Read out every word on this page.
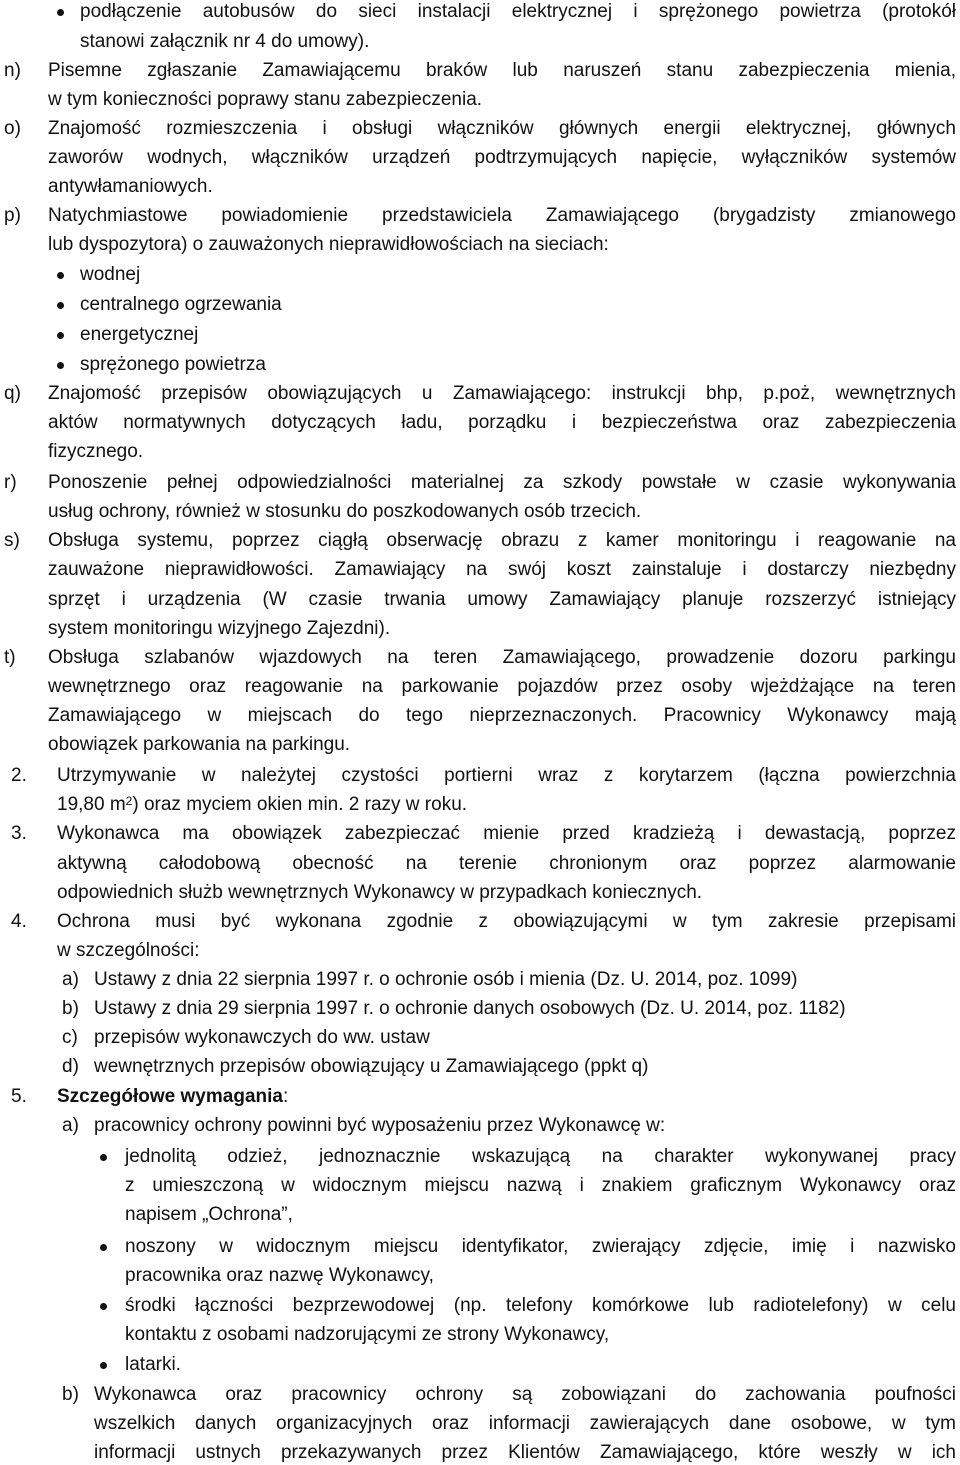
podłączenie autobusów do sieci instalacji elektrycznej i sprężonego powietrza (protokół
stanowi załącznik nr 4 do umowy).
n) Pisemne zgłaszanie Zamawiającemu braków lub naruszeń stanu zabezpieczenia mienia,
w tym konieczności poprawy stanu zabezpieczenia.
o) Znajomość rozmieszczenia i obsługi włączników głównych energii elektrycznej, głównych
zaworów wodnych, włączników urządzeń podtrzymujących napięcie, wyłączników systemów
antywłamaniowych.
p) Natychmiastowe powiadomienie przedstawiciela Zamawiającego (brygadzisty zmianowego
lub dyspozytora) o zauważonych nieprawidłowościach na sieciach:
wodnej
centralnego ogrzewania
energetycznej
sprężonego powietrza
q) Znajomość przepisów obowiązujących u Zamawiającego: instrukcji bhp, p.poż, wewnętrznych
aktów normatywnych dotyczących ładu, porządku i bezpieczeństwa oraz zabezpieczenia
fizycznego.
r) Ponoszenie pełnej odpowiedzialności materialnej za szkody powstałe w czasie wykonywania
usług ochrony, również w stosunku do poszkodowanych osób trzecich.
s) Obsługa systemu, poprzez ciągłą obserwację obrazu z kamer monitoringu i reagowanie na
zauważone nieprawidłowości. Zamawiający na swój koszt zainstaluje i dostarczy niezbędny
sprzęt i urządzenia (W czasie trwania umowy Zamawiający planuje rozszerzyć istniejący
system monitoringu wizyjnego Zajezdni).
t) Obsługa szlabanów wjazdowych na teren Zamawiającego, prowadzenie dozoru parkingu
wewnętrznego oraz reagowanie na parkowanie pojazdów przez osoby wjeżdżające na teren
Zamawiającego w miejscach do tego nieprzeznaczonych. Pracownicy Wykonawcy mają
obowiązek parkowania na parkingu.
2. Utrzymywanie w należytej czystości portierni wraz z korytarzem (łączna powierzchnia
19,80 $m^2$) oraz myciem okien min. 2 razy w roku.
3. Wykonawca ma obowiązek zabezpieczać mienie przed kradzieżą i dewastacją, poprzez
aktywną całodobową obecność na terenie chronionym oraz poprzez alarmowanie
odpowiednich służb wewnętrznych Wykonawcy w przypadkach koniecznych.
4. Ochrona musi być wykonana zgodnie z obowiązującymi w tym zakresie przepisami
w szczególności:
a) Ustawy z dnia 22 sierpnia 1997 r. o ochronie osób i mienia (Dz. U. 2014, poz. 1099)
b) Ustawy z dnia 29 sierpnia 1997 r. o ochronie danych osobowych (Dz. U. 2014, poz. 1182)
c) przepisów wykonawczych do ww. ustaw
d) wewnętrznych przepisów obowiązujący u Zamawiającego (ppkt q)
5. Szczegółowe wymagania:
a) pracownicy ochrony powinni być wyposażeniu przez Wykonawcę w:
jednolitą odzież, jednoznacznie wskazującą na charakter wykonywanej pracy
z umieszczoną w widocznym miejscu nazwą i znakiem graficznym Wykonawcy oraz
napisem „Ochrona”,
noszony w widocznym miejscu identyfikator, zwierający zdjęcie, imię i nazwisko
pracownika oraz nazwę Wykonawcy,
środki łączności bezprzewodowej (np. telefony komórkowe lub radiotelefony) w celu
kontaktu z osobami nadzorującymi ze strony Wykonawcy,
latarki.
b) Wykonawca oraz pracownicy ochrony są zobowiązani do zachowania poufności
wszelkich danych organizacyjnych oraz informacji zawierających dane osobowe, w tym
informacji ustnych przekazywanych przez Klientów Zamawiającego, które weszły w ich
